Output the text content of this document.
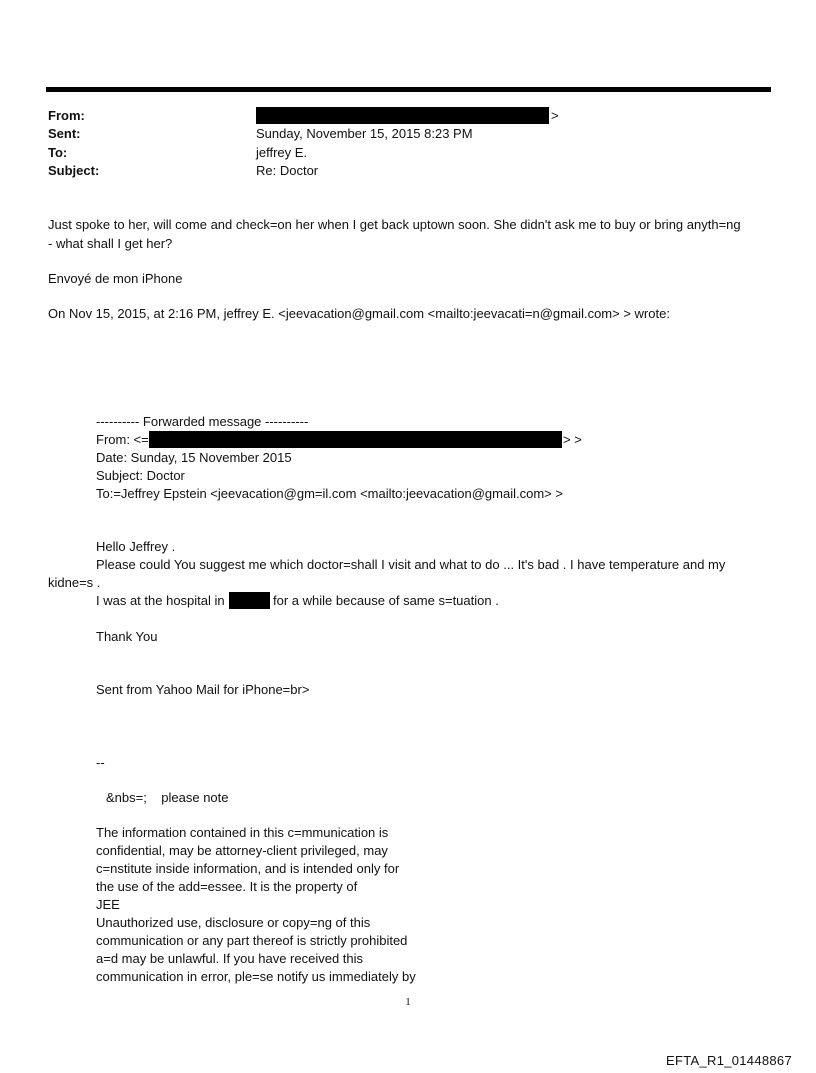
From:	>
Sent:	Sunday, November 15, 2015 8:23 PM
To:	jeffrey E.
Subject:	Re: Doctor
Just spoke to her, will come and check=on her when I get back uptown soon. She didn't ask me to buy or bring anyth=ng
- what shall I get her?
Envoyé de mon iPhone
On Nov 15, 2015, at 2:16 PM, jeffrey E. <jeevacation@gmail.com <mailto:jeevacati=n@gmail.com> > wrote:
---------- Forwarded message ----------
From: <=	> >
Date: Sunday, 15 November 2015
Subject: Doctor
To:=Jeffrey Epstein <jeevacation@gm=il.com <mailto:jeevacation@gmail.com> >
Hello Jeffrey .
Please could You suggest me which doctor=shall I visit and what to do ... It's bad . I have temperature and my
kidne=s .
I was at the hospital in	for a while because of same s=tuation .
Thank You
Sent from Yahoo Mail for iPhone=br>
--
&nbs=;    please note
The information contained in this c=mmunication is
confidential, may be attorney-client privileged, may
c=nstitute inside information, and is intended only for
the use of the add=essee. It is the property of
JEE
Unauthorized use, disclosure or copy=ng of this
communication or any part thereof is strictly prohibited
a=d may be unlawful. If you have received this
communication in error, ple=se notify us immediately by
1
EFTA_R1_01448867
